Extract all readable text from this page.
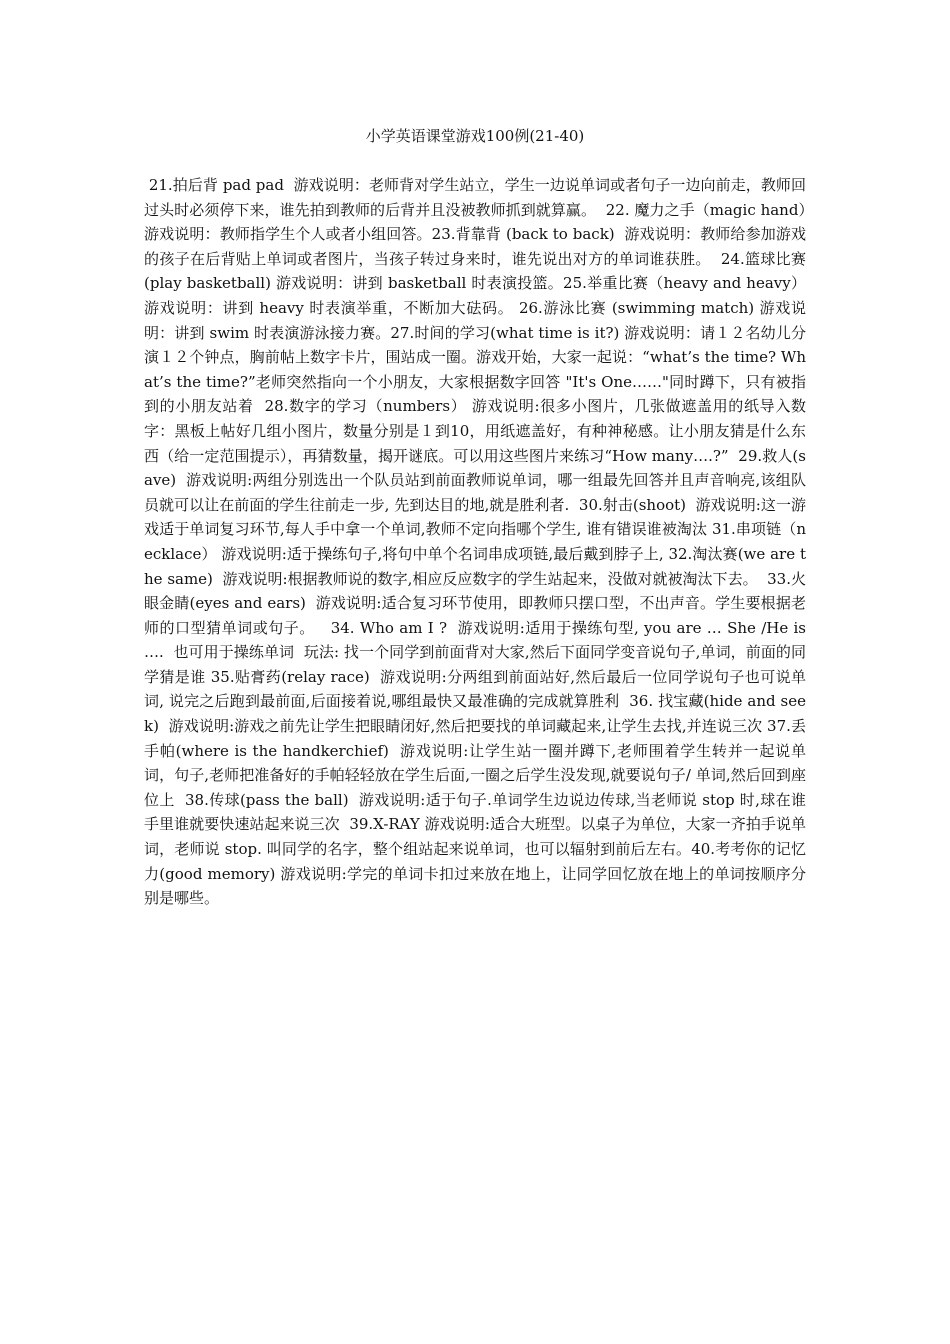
小学英语课堂游戏100例(21-40)
21.拍后背 pad pad  游戏说明：老师背对学生站立，学生一边说单词或者句子一边向前走，教师回过头时必须停下来，谁先拍到教师的后背并且没被教师抓到就算赢。  22. 魔力之手（magic hand）游戏说明：教师指学生个人或者小组回答。23.背靠背 (back to back)  游戏说明：教师给参加游戏的孩子在后背贴上单词或者图片，当孩子转过身来时，谁先说出对方的单词谁获胜。  24.篮球比赛(play basketball) 游戏说明：讲到 basketball 时表演投篮。25.举重比赛（heavy and heavy）  游戏说明：讲到 heavy 时表演举重，不断加大砝码。 26.游泳比赛 (swimming match) 游戏说明：讲到 swim 时表演游泳接力赛。27.时间的学习(what time is it?) 游戏说明：请１２名幼儿分演１２个钟点，胸前帖上数字卡片，围站成一圈。游戏开始，大家一起说：“what’s the time? What’s the time?”老师突然指向一个小朋友，大家根据数字回答 "It's One……"同时蹲下，只有被指到的小朋友站着  28.数字的学习（numbers） 游戏说明:很多小图片，几张做遮盖用的纸导入数字：黑板上帖好几组小图片，数量分别是１到10，用纸遮盖好，有种神秘感。让小朋友猜是什么东西（给一定范围提示），再猜数量，揭开谜底。可以用这些图片来练习“How many….?”  29.救人(save)  游戏说明:两组分别选出一个队员站到前面教师说单词，哪一组最先回答并且声音响亮,该组队员就可以让在前面的学生往前走一步, 先到达目的地,就是胜利者.  30.射击(shoot)  游戏说明:这一游戏适于单词复习环节,每人手中拿一个单词,教师不定向指哪个学生, 谁有错误谁被淘汰 31.串项链（necklace） 游戏说明:适于操练句子,将句中单个名词串成项链,最后戴到脖子上, 32.淘汰赛(we are the same)  游戏说明:根据教师说的数字,相应反应数字的学生站起来，没做对就被淘汰下去。  33.火眼金睛(eyes and ears)  游戏说明:适合复习环节使用，即教师只摆口型，不出声音。学生要根据老师的口型猜单词或句子。   34. Who am I ?  游戏说明:适用于操练句型, you are … She /He is ….  也可用于操练单词  玩法: 找一个同学到前面背对大家,然后下面同学变音说句子,单词，前面的同学猜是谁 35.贴膏药(relay race)  游戏说明:分两组到前面站好,然后最后一位同学说句子也可说单词, 说完之后跑到最前面,后面接着说,哪组最快又最准确的完成就算胜利  36. 找宝藏(hide and seek)  游戏说明:游戏之前先让学生把眼睛闭好,然后把要找的单词藏起来,让学生去找,并连说三次 37.丢手帕(where is the handkerchief)  游戏说明:让学生站一圈并蹲下,老师围着学生转并一起说单词，句子,老师把准备好的手帕轻轻放在学生后面,一圈之后学生没发现,就要说句子/ 单词,然后回到座位上  38.传球(pass the ball)  游戏说明:适于句子.单词学生边说边传球,当老师说 stop 时,球在谁手里谁就要快速站起来说三次  39.X-RAY 游戏说明:适合大班型。以桌子为单位，大家一齐拍手说单词，老师说 stop. 叫同学的名字，整个组站起来说单词，也可以辐射到前后左右。40.考考你的记忆力(good memory) 游戏说明:学完的单词卡扣过来放在地上，让同学回忆放在地上的单词按顺序分别是哪些。
